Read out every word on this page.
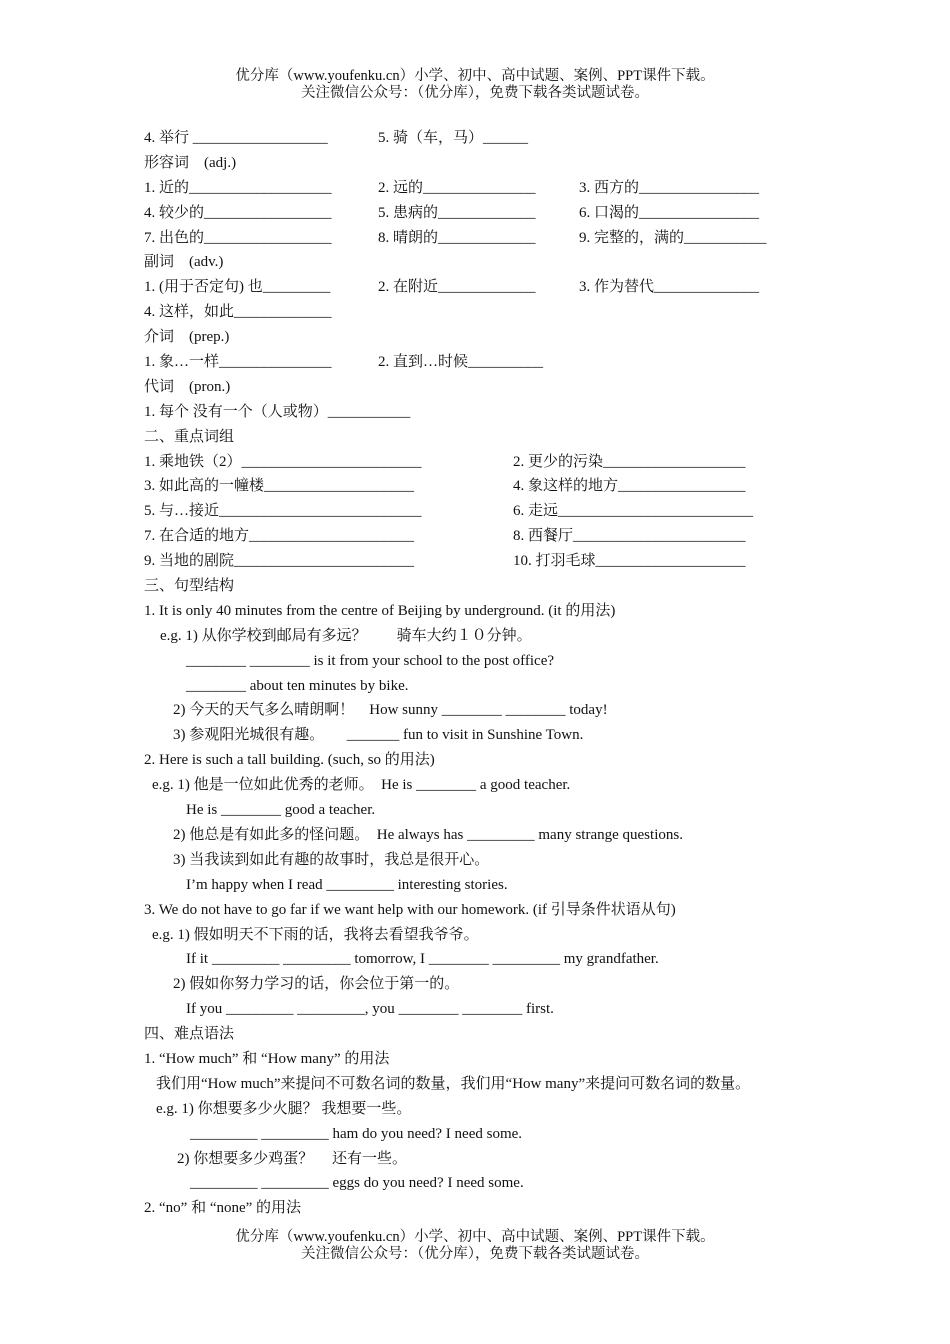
优分库（www.youfenku.cn）小学、初中、高中试题、案例、PPT课件下载。
关注微信公众号：（优分库），免费下载各类试题试卷。
4. 举行 __________________	5. 骑（车，马）______
形容词　(adj.)
1. 近的___________________	2. 远的_______________	3. 西方的________________
4. 较少的_________________	5. 患病的_____________	6. 口渴的________________
7. 出色的_________________	8. 晴朗的_____________	9. 完整的，满的___________
副词　(adv.)
1. (用于否定句) 也_________	2. 在附近_____________	3. 作为替代______________
4. 这样，如此_____________
介词　(prep.)
1. 象…一样_______________	2. 直到…时候__________
代词　(pron.)
1. 每个 没有一个（人或物）___________
二、重点词组
1. 乘地铁（2）________________________	2. 更少的污染___________________
3. 如此高的一幢楼____________________	4. 象这样的地方_________________
5. 与…接近___________________________	6. 走远__________________________
7. 在合适的地方______________________	8. 西餐厅_______________________
9. 当地的剧院________________________	10. 打羽毛球____________________
三、句型结构
1. It is only 40 minutes from the centre of Beijing by underground. (it 的用法)
e.g. 1) 从你学校到邮局有多远？　　骑车大约１０分钟。
________ ________ is it from your school to the post office?
________ about ten minutes by bike.
2) 今天的天气多么晴朗啊！　How sunny ________ ________ today!
3) 参观阳光城很有趣。　　_______ fun to visit in Sunshine Town.
2. Here is such a tall building. (such, so 的用法)
e.g. 1) 他是一位如此优秀的老师。　He is ________ a good teacher.
He is ________ good a teacher.
2) 他总是有如此多的怪问题。　He always has _________ many strange questions.
3) 当我读到如此有趣的故事时，我总是很开心。
I’m happy when I read _________ interesting stories.
3. We do not have to go far if we want help with our homework. (if 引导条件状语从句)
e.g. 1) 假如明天不下雨的话，我将去看望我爷爷。
If it _________ _________ tomorrow, I ________ _________ my grandfather.
2) 假如你努力学习的话，你会位于第一的。
If you _________ _________, you ________ ________ first.
四、难点语法
1. “How much” 和 “How many” 的用法
我们用“How much”来提问不可数名词的数量，我们用“How many”来提问可数名词的数量。
e.g. 1) 你想要多少火腿？ 我想要一些。
_________ _________ ham do you need? I need some.
2) 你想要多少鸡蛋？　 还有一些。
_________ _________ eggs do you need? I need some.
2. “no” 和 “none” 的用法
优分库（www.youfenku.cn）小学、初中、高中试题、案例、PPT课件下载。
关注微信公众号：（优分库），免费下载各类试题试卷。
